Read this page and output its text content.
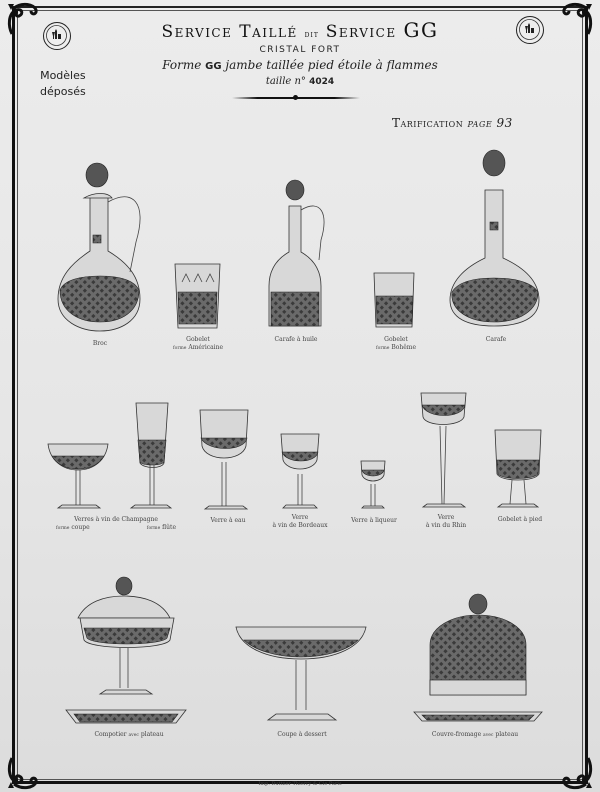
Service Taillé dit Service GG
CRISTAL FORT
Forme GG jambe taillée pied étoile à flammes
taille n° 4024
Modèles
déposés
Tarification page 93
Broc
Gobelet
forme Américaine
Carafe à huile	Gobelet
forme Bohême
Carafe
Verres à vin de Champagne
forme coupe	forme flûte
Verre à eau	Verre
à vin de Bordeaux
Verre à liqueur	Verre
à vin du Rhin
Gobelet à pied
Compotier avec plateau	Coupe à dessert	Couvre-fromage avec plateau
Imp. Buttner-Thierry & Cie Paris
